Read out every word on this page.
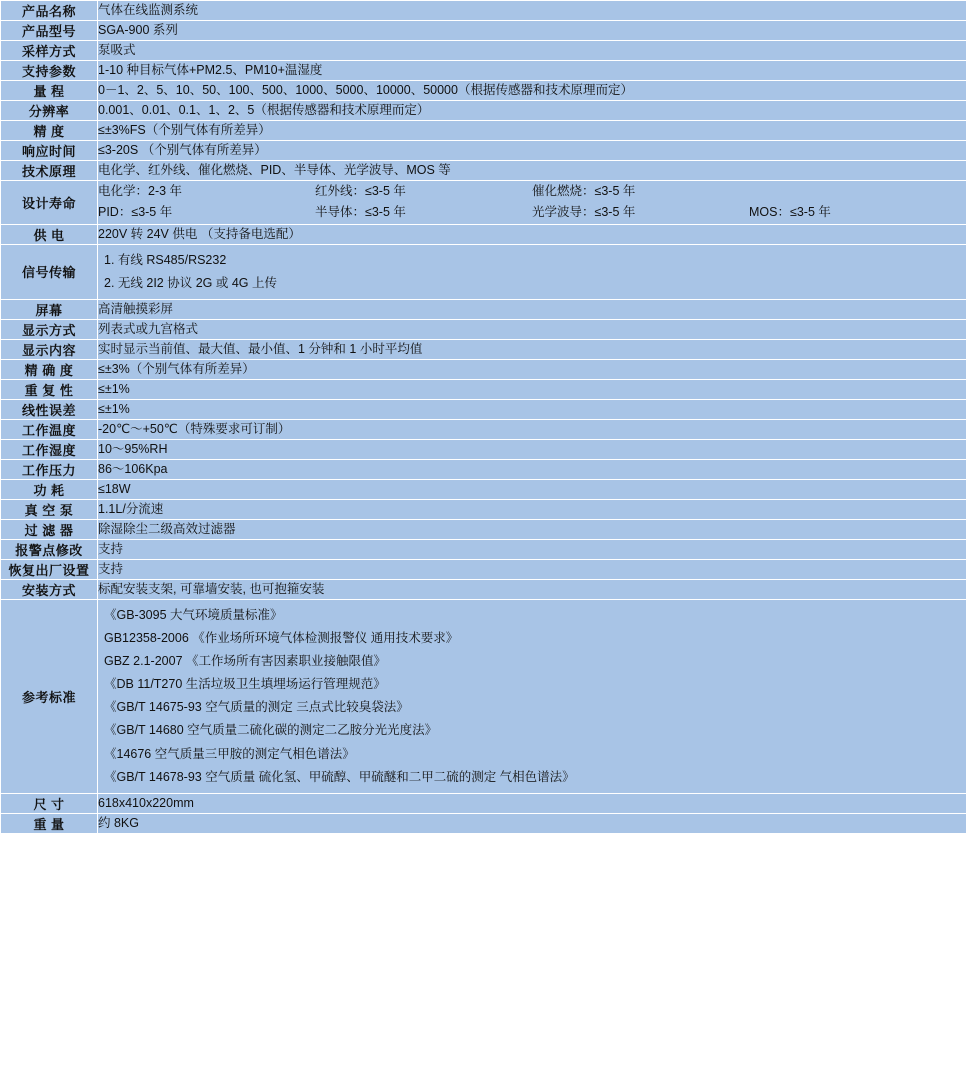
产品名称	气体在线监测系统
产品型号	SGA-900 系列
采样方式	泵吸式
支持参数	1-10 种目标气体+PM2.5、PM10+温湿度
量 程	0－1、2、5、10、50、100、500、1000、5000、10000、50000（根据传感器和技术原理而定）
分辨率	0.001、0.01、0.1、1、2、5（根据传感器和技术原理而定）
精 度	≤±3%FS（个别气体有所差异）
响应时间	≤3-20S （个别气体有所差异）
技术原理	电化学、红外线、催化燃烧、PID、半导体、光学波导、MOS 等
设计寿命	
电化学：2-3 年	红外线：≤3-5 年	催化燃烧：≤3-5 年
PID：≤3-5 年	半导体：≤3-5 年	光学波导：≤3-5 年	MOS：≤3-5 年

供 电	220V 转 24V 供电 （支持备电选配）
信号传输	1. 有线 RS485/RS232
2. 无线 2I2 协议 2G 或 4G 上传

屏幕	高清触摸彩屏
显示方式	列表式或九宫格式
显示内容	实时显示当前值、最大值、最小值、1 分钟和 1 小时平均值
精 确 度	≤±3%（个别气体有所差异）
重 复 性	≤±1%
线性误差	≤±1%
工作温度	-20℃～+50℃（特殊要求可订制）
工作湿度	10～95%RH
工作压力	86～106Kpa
功 耗	≤18W
真 空 泵	1.1L/分流速
过 滤 器	除湿除尘二级高效过滤器
报警点修改	支持
恢复出厂设置	支持
安装方式	标配安装支架, 可靠墙安装, 也可抱箍安装
参考标准	
《GB-3095 大气环境质量标准》
GB12358-2006 《作业场所环境气体检测报警仪 通用技术要求》
GBZ 2.1-2007 《工作场所有害因素职业接触限值》
《DB 11/T270 生活垃圾卫生填埋场运行管理规范》
《GB/T 14675-93 空气质量的测定 三点式比较臭袋法》
《GB/T 14680 空气质量二硫化碳的测定二乙胺分光光度法》
《14676 空气质量三甲胺的测定气相色谱法》
《GB/T 14678-93 空气质量 硫化氢、甲硫醇、甲硫醚和二甲二硫的测定 气相色谱法》

尺 寸	618x410x220mm
重 量	约 8KG
